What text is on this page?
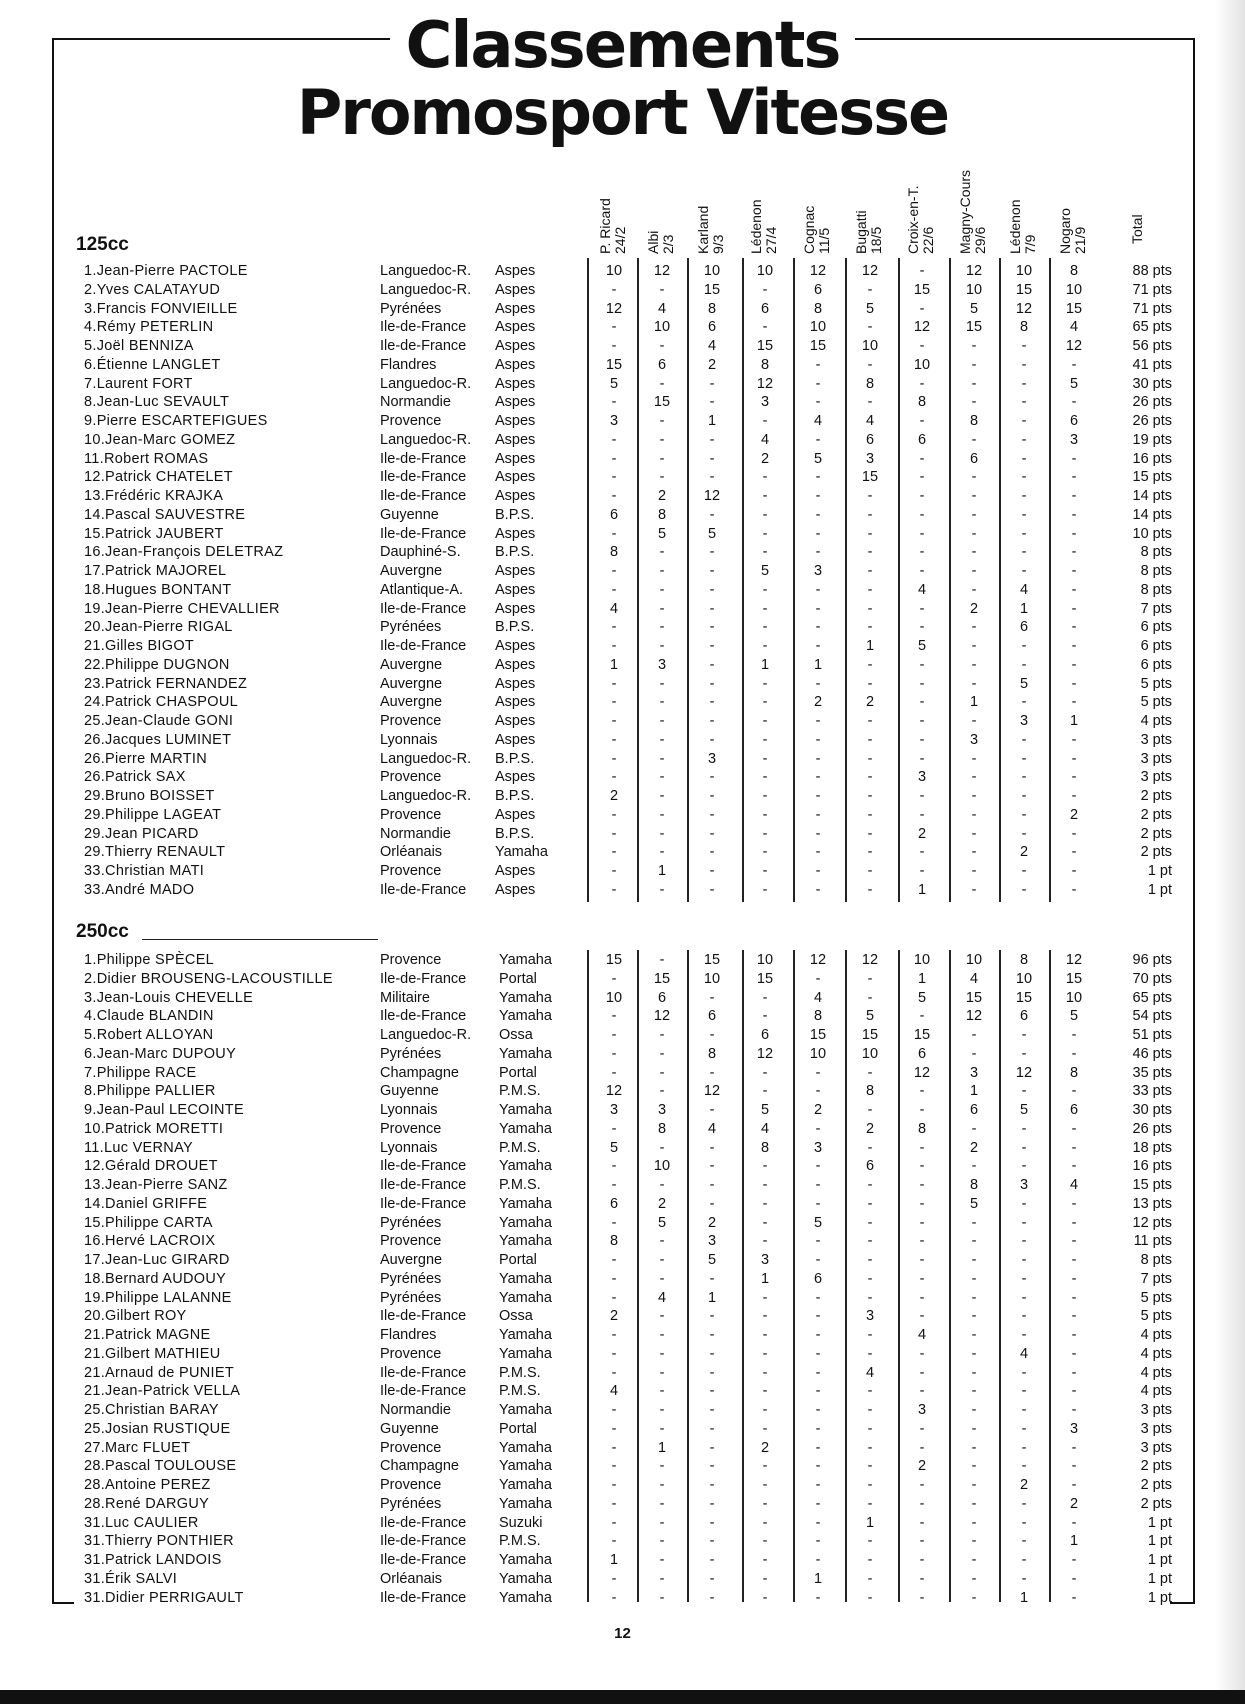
Classements
Promosport Vitesse
P. Ricard 24/2 Albi 2/3 Karland 9/3 Lédenon 27/4 Cognac 11/5 Bugatti 18/5 Croix-en-T. 22/6 Magny-Cours 29/6 Lédenon 7/9 Nogaro 21/9	Total
125cc
250cc
1.Jean-Pierre PACTOLE	Languedoc-R. Aspes	10	12	10	10	12	12	-	12	10	8	88 pts
2.Yves CALATAYUD	Languedoc-R. Aspes	-	-	15	-	6	-	15	10	15	10	71 pts
3.Francis FONVIEILLE	Pyrénées	Aspes	12	4	8	6	8	5	-	5	12	15	71 pts
4.Rémy PETERLIN	Ile-de-France Aspes	-	10	6	-	10	-	12	15	8	4	65 pts
5.Joël BENNIZA	Ile-de-France Aspes	-	-	4	15	15	10	-	-	-	12	56 pts
6.Étienne LANGLET	Flandres	Aspes	15	6	2	8	-	-	10	-	-	-	41 pts
7.Laurent FORT	Languedoc-R. Aspes	5	-	-	12	-	8	-	-	-	5	30 pts
8.Jean-Luc SEVAULT	Normandie	Aspes	-	15	-	3	-	-	8	-	-	-	26 pts
9.Pierre ESCARTEFIGUES	Provence	Aspes	3	-	1	-	4	4	-	8	-	6	26 pts
10.Jean-Marc GOMEZ	Languedoc-R. Aspes	-	-	-	4	-	6	6	-	-	3	19 pts
11.Robert ROMAS	Ile-de-France Aspes	-	-	-	2	5	3	-	6	-	-	16 pts
12.Patrick CHATELET	Ile-de-France Aspes	-	-	-	-	-	15	-	-	-	-	15 pts
13.Frédéric KRAJKA	Ile-de-France Aspes	-	2	12	-	-	-	-	-	-	-	14 pts
14.Pascal SAUVESTRE	Guyenne	B.P.S.	6	8	-	-	-	-	-	-	-	-	14 pts
15.Patrick JAUBERT	Ile-de-France Aspes	-	5	5	-	-	-	-	-	-	-	10 pts
16.Jean-François DELETRAZ	Dauphiné-S. B.P.S.	8	-	-	-	-	-	-	-	-	-	8 pts
17.Patrick MAJOREL	Auvergne	Aspes	-	-	-	5	3	-	-	-	-	-	8 pts
18.Hugues BONTANT	Atlantique-A. Aspes	-	-	-	-	-	-	4	-	4	-	8 pts
19.Jean-Pierre CHEVALLIER	Ile-de-France Aspes	4	-	-	-	-	-	-	2	1	-	7 pts
20.Jean-Pierre RIGAL	Pyrénées	B.P.S.	-	-	-	-	-	-	-	-	6	-	6 pts
21.Gilles BIGOT	Ile-de-France Aspes	-	-	-	-	-	1	5	-	-	-	6 pts
22.Philippe DUGNON	Auvergne	Aspes	1	3	-	1	1	-	-	-	-	-	6 pts
23.Patrick FERNANDEZ	Auvergne	Aspes	-	-	-	-	-	-	-	-	5	-	5 pts
24.Patrick CHASPOUL	Auvergne	Aspes	-	-	-	-	2	2	-	1	-	-	5 pts
25.Jean-Claude GONI	Provence	Aspes	-	-	-	-	-	-	-	-	3	1	4 pts
26.Jacques LUMINET	Lyonnais	Aspes	-	-	-	-	-	-	-	3	-	-	3 pts
26.Pierre MARTIN	Languedoc-R. B.P.S.	-	-	3	-	-	-	-	-	-	-	3 pts
26.Patrick SAX	Provence	Aspes	-	-	-	-	-	-	3	-	-	-	3 pts
29.Bruno BOISSET	Languedoc-R. B.P.S.	2	-	-	-	-	-	-	-	-	-	2 pts
29.Philippe LAGEAT	Provence	Aspes	-	-	-	-	-	-	-	-	-	2	2 pts
29.Jean PICARD	Normandie	B.P.S.	-	-	-	-	-	-	2	-	-	-	2 pts
29.Thierry RENAULT	Orléanais	Yamaha	-	-	-	-	-	-	-	-	2	-	2 pts
33.Christian MATI	Provence	Aspes	-	1	-	-	-	-	-	-	-	-	1 pt
33.André MADO	Ile-de-France Aspes	-	-	-	-	-	-	1	-	-	-	1 pt
1.Philippe SPÈCEL	Provence	Yamaha	15	-	15	10	12	12	10	10	8	12	96 pts
2.Didier BROUSENG-LACOUSTILLE	Ile-de-France Portal	-	15	10	15	-	-	1	4	10	15	70 pts
3.Jean-Louis CHEVELLE	Militaire	Yamaha	10	6	-	-	4	-	5	15	15	10	65 pts
4.Claude BLANDIN	Ile-de-France Yamaha	-	12	6	-	8	5	-	12	6	5	54 pts
5.Robert ALLOYAN	Languedoc-R. Ossa	-	-	-	6	15	15	15	-	-	-	51 pts
6.Jean-Marc DUPOUY	Pyrénées	Yamaha	-	-	8	12	10	10	6	-	-	-	46 pts
7.Philippe RACE	Champagne	Portal	-	-	-	-	-	-	12	3	12	8	35 pts
8.Philippe PALLIER	Guyenne	P.M.S.	12	-	12	-	-	8	-	1	-	-	33 pts
9.Jean-Paul LECOINTE	Lyonnais	Yamaha	3	3	-	5	2	-	-	6	5	6	30 pts
10.Patrick MORETTI	Provence	Yamaha	-	8	4	4	-	2	8	-	-	-	26 pts
11.Luc VERNAY	Lyonnais	P.M.S.	5	-	-	8	3	-	-	2	-	-	18 pts
12.Gérald DROUET	Ile-de-France Yamaha	-	10	-	-	-	6	-	-	-	-	16 pts
13.Jean-Pierre SANZ	Ile-de-France P.M.S.	-	-	-	-	-	-	-	8	3	4	15 pts
14.Daniel GRIFFE	Ile-de-France Yamaha	6	2	-	-	-	-	-	5	-	-	13 pts
15.Philippe CARTA	Pyrénées	Yamaha	-	5	2	-	5	-	-	-	-	-	12 pts
16.Hervé LACROIX	Provence	Yamaha	8	-	3	-	-	-	-	-	-	-	11 pts
17.Jean-Luc GIRARD	Auvergne	Portal	-	-	5	3	-	-	-	-	-	-	8 pts
18.Bernard AUDOUY	Pyrénées	Yamaha	-	-	-	1	6	-	-	-	-	-	7 pts
19.Philippe LALANNE	Pyrénées	Yamaha	-	4	1	-	-	-	-	-	-	-	5 pts
20.Gilbert ROY	Ile-de-France Ossa	2	-	-	-	-	3	-	-	-	-	5 pts
21.Patrick MAGNE	Flandres	Yamaha	-	-	-	-	-	-	4	-	-	-	4 pts
21.Gilbert MATHIEU	Provence	Yamaha	-	-	-	-	-	-	-	-	4	-	4 pts
21.Arnaud de PUNIET	Ile-de-France P.M.S.	-	-	-	-	-	4	-	-	-	-	4 pts
21.Jean-Patrick VELLA	Ile-de-France P.M.S.	4	-	-	-	-	-	-	-	-	-	4 pts
25.Christian BARAY	Normandie	Yamaha	-	-	-	-	-	-	3	-	-	-	3 pts
25.Josian RUSTIQUE	Guyenne	Portal	-	-	-	-	-	-	-	-	-	3	3 pts
27.Marc FLUET	Provence	Yamaha	-	1	-	2	-	-	-	-	-	-	3 pts
28.Pascal TOULOUSE	Champagne	Yamaha	-	-	-	-	-	-	2	-	-	-	2 pts
28.Antoine PEREZ	Provence	Yamaha	-	-	-	-	-	-	-	-	2	-	2 pts
28.René DARGUY	Pyrénées	Yamaha	-	-	-	-	-	-	-	-	-	2	2 pts
31.Luc CAULIER	Ile-de-France Suzuki	-	-	-	-	-	1	-	-	-	-	1 pt
31.Thierry PONTHIER	Ile-de-France P.M.S.	-	-	-	-	-	-	-	-	-	1	1 pt
31.Patrick LANDOIS	Ile-de-France Yamaha	1	-	-	-	-	-	-	-	-	-	1 pt
31.Érik SALVI	Orléanais	Yamaha	-	-	-	-	1	-	-	-	-	-	1 pt
31.Didier PERRIGAULT	Ile-de-France Yamaha	-	-	-	-	-	-	-	-	1	-	1 pt
12
